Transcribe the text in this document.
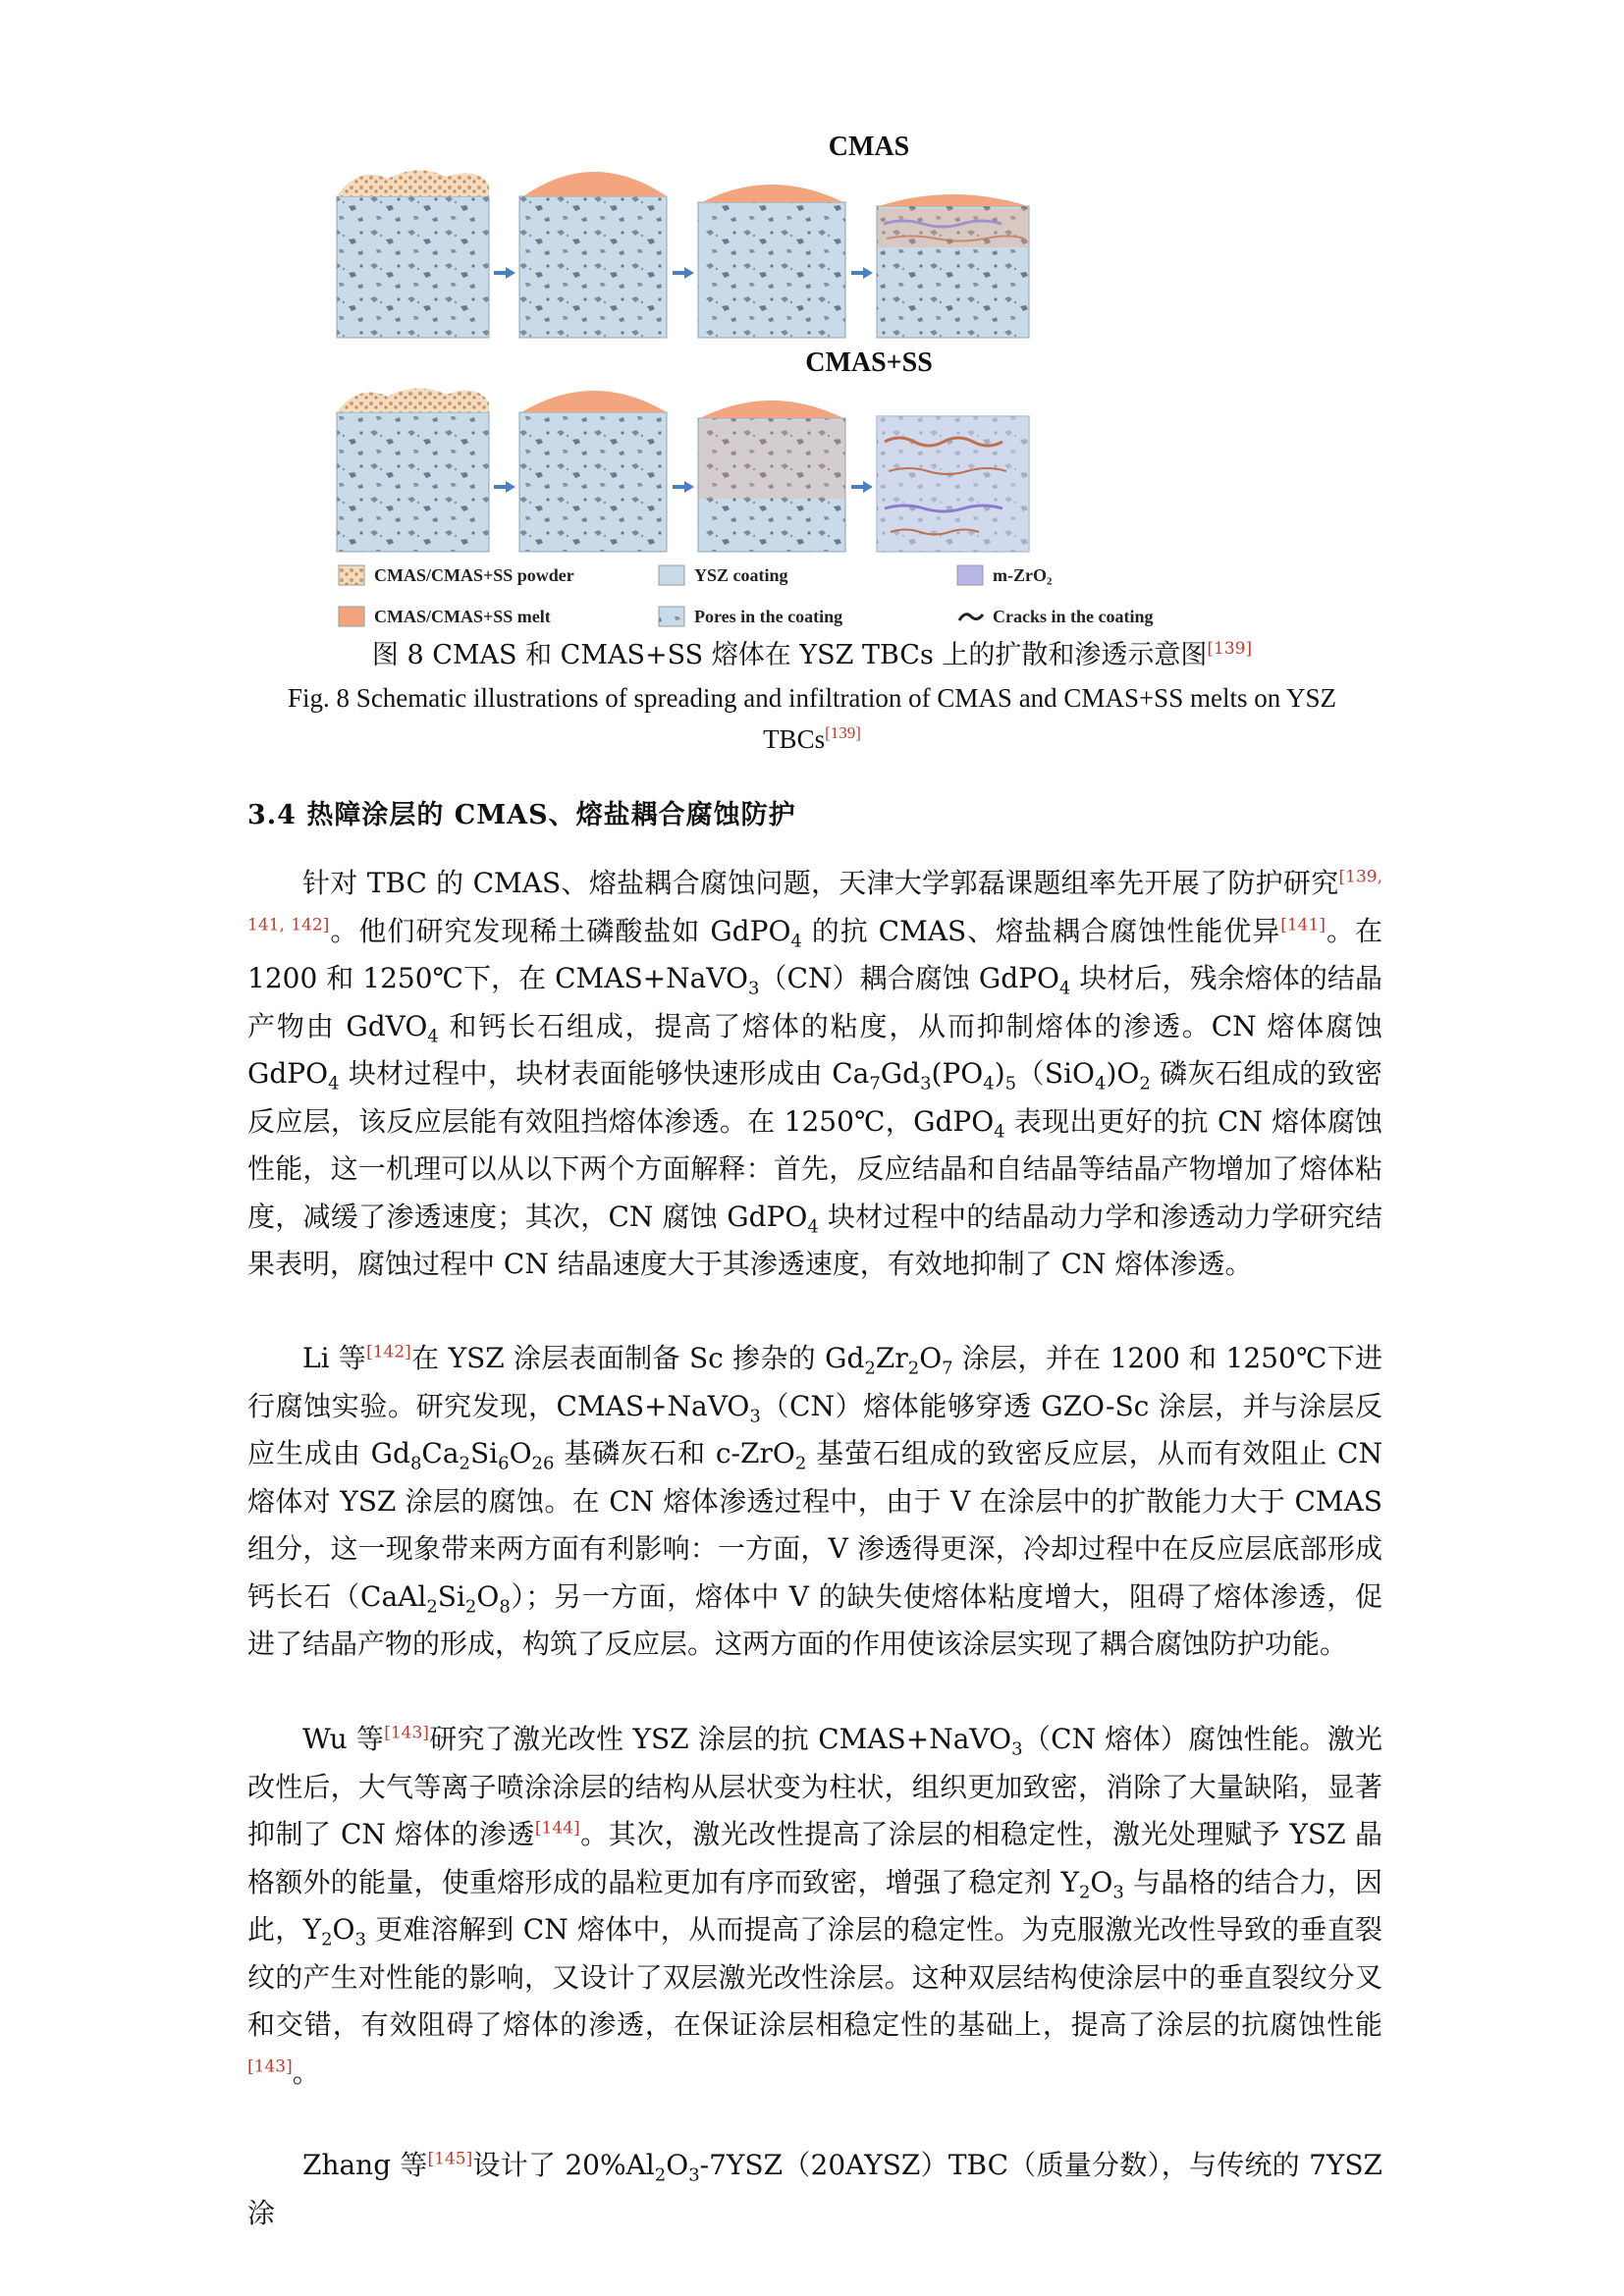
CMAS
CMAS+SS
CMAS/CMAS+SS powder	YSZ coating	m-ZrO₂
CMAS/CMAS+SS melt	Pores in the coating	Cracks in the coating
图 8 CMAS 和 CMAS+SS 熔体在 YSZ TBCs 上的扩散和渗透示意图[139]
Fig. 8 Schematic illustrations of spreading and infiltration of CMAS and CMAS+SS melts on YSZ TBCs[139]
3.4 热障涂层的 CMAS、熔盐耦合腐蚀防护

针对 TBC 的 CMAS、熔盐耦合腐蚀问题，天津大学郭磊课题组率先开展了防护研究[139, 141, 142]。他们研究发现稀土磷酸盐如 GdPO$_4$ 的抗 CMAS、熔盐耦合腐蚀性能优异[141]。在 1200 和 1250℃下，在 CMAS+NaVO$_3$（CN）耦合腐蚀 GdPO$_4$ 块材后，残余熔体的结晶产物由 GdVO$_4$ 和钙长石组成，提高了熔体的粘度，从而抑制熔体的渗透。CN 熔体腐蚀 GdPO$_4$ 块材过程中，块材表面能够快速形成由 $Ca_7Gd_3(PO_4)_5(SiO_4)O_2$ 磷灰石组成的致密反应层，该反应层能有效阻挡熔体渗透。在 1250℃，GdPO$_4$ 表现出更好的抗 CN 熔体腐蚀性能，这一机理可以从以下两个方面解释：首先，反应结晶和自结晶等结晶产物增加了熔体粘度，减缓了渗透速度；其次，CN 腐蚀 GdPO$_4$ 块材过程中的结晶动力学和渗透动力学研究结果表明，腐蚀过程中 CN 结晶速度大于其渗透速度，有效地抑制了 CN 熔体渗透。

Li 等[142]在 YSZ 涂层表面制备 Sc 掺杂的 $Gd_2Zr_2O_7$ 涂层，并在 1200 和 1250℃下进行腐蚀实验。研究发现，CMAS+NaVO$_3$（CN）熔体能够穿透 GZO-Sc 涂层，并与涂层反应生成由 $Gd_8Ca_2Si_6O_{26}$ 基磷灰石和 c-ZrO$_2$ 基萤石组成的致密反应层，从而有效阻止 CN 熔体对 YSZ 涂层的腐蚀。在 CN 熔体渗透过程中，由于 V 在涂层中的扩散能力大于 CMAS 组分，这一现象带来两方面有利影响：一方面，V 渗透得更深，冷却过程中在反应层底部形成钙长石$(CaAl_2Si_2O_8)$；另一方面，熔体中 V 的缺失使熔体粘度增大，阻碍了熔体渗透，促进了结晶产物的形成，构筑了反应层。这两方面的作用使该涂层实现了耦合腐蚀防护功能。

Wu 等[143]研究了激光改性 YSZ 涂层的抗 CMAS+NaVO$_3$（CN 熔体）腐蚀性能。激光改性后，大气等离子喷涂涂层的结构从层状变为柱状，组织更加致密，消除了大量缺陷，显著抑制了 CN 熔体的渗透[144]。其次，激光改性提高了涂层的相稳定性，激光处理赋予 YSZ 晶格额外的能量，使重熔形成的晶粒更加有序而致密，增强了稳定剂 $Y_2O_3$ 与晶格的结合力，因此，$Y_2O_3$ 更难溶解到 CN 熔体中，从而提高了涂层的稳定性。为克服激光改性导致的垂直裂纹的产生对性能的影响，又设计了双层激光改性涂层。这种双层结构使涂层中的垂直裂纹分叉和交错，有效阻碍了熔体的渗透，在保证涂层相稳定性的基础上，提高了涂层的抗腐蚀性能[143]。

Zhang 等[145]设计了 $20\%Al_2O_3-7YSZ(20AYSZ)TBC$（质量分数），与传统的 7YSZ 涂
